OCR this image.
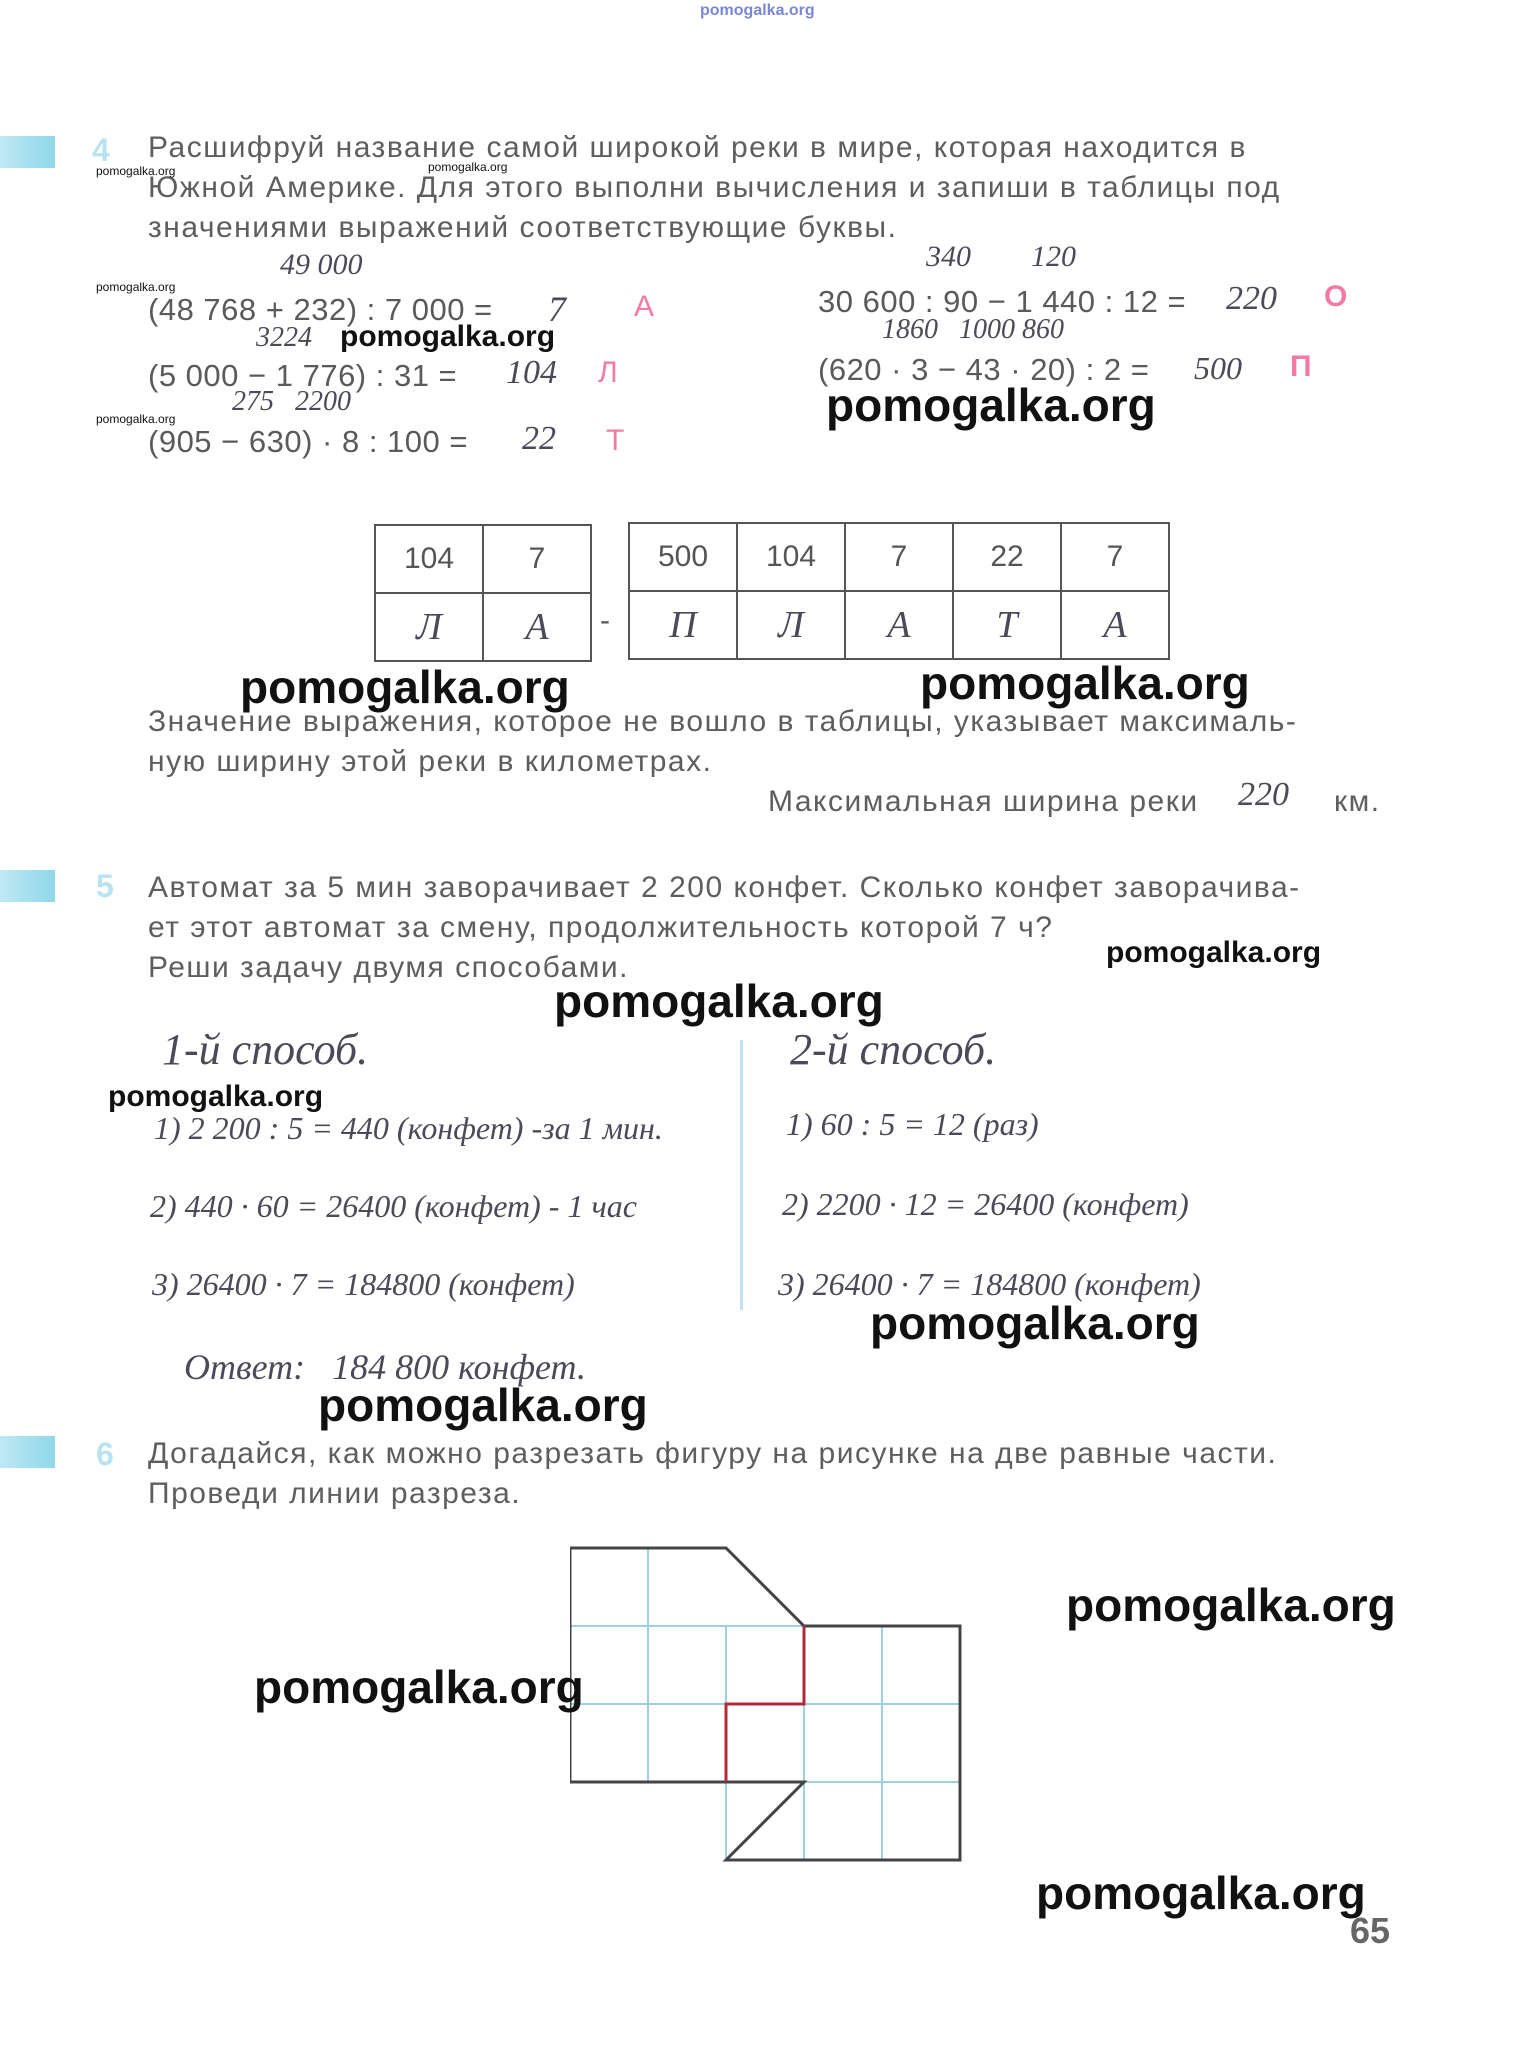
pomogalka.org
4 Расшифруй название самой широкой реки в мире, которая находится в
Южной Америке. Для этого выполни вычисления и запиши в таблицы под
значениями выражений соответствующие буквы.
pomogalka.org	pomogalka.org
49 000
pomogalka.org
(48 768 + 232) : 7 000 = 7 А
3224 pomogalka.org
(5 000 − 1 776) : 31 = 104 Л
275   2200
pomogalka.org
(905 − 630) · 8 : 100 = 22 Т
340        120
30 600 : 90 − 1 440 : 12 = 220 О
1860   1000 860
(620 · 3 − 43 · 20) : 2 = 500 П
pomogalka.org
104	7
Л	А -
500	104	7	22	7
П	Л	А	Т	А
pomogalka.org	pomogalka.org
Значение выражения, которое не вошло в таблицы, указывает максималь-
ную ширину этой реки в километрах.
Максимальная ширина реки 220 км.
5 Автомат за 5 мин заворачивает 2 200 конфет. Сколько конфет заворачива-
ет этот автомат за смену, продолжительность которой 7 ч?
Реши задачу двумя способами.	pomogalka.org
pomogalka.org
1-й способ.
pomogalka.org
1) 2 200 : 5 = 440 (конфет) -за 1 мин.
2) 440 · 60 = 26400 (конфет) - 1 час
3) 26400 · 7 = 184800 (конфет)
2-й способ.
1) 60 : 5 = 12 (раз)
2) 2200 · 12 = 26400 (конфет)
3) 26400 · 7 = 184800 (конфет)
pomogalka.org
Ответ:   184 800 конфет.
pomogalka.org
6 Догадайся, как можно разрезать фигуру на рисунке на две равные части.
Проведи линии разреза.
pomogalka.org
pomogalka.org
pomogalka.org
65
